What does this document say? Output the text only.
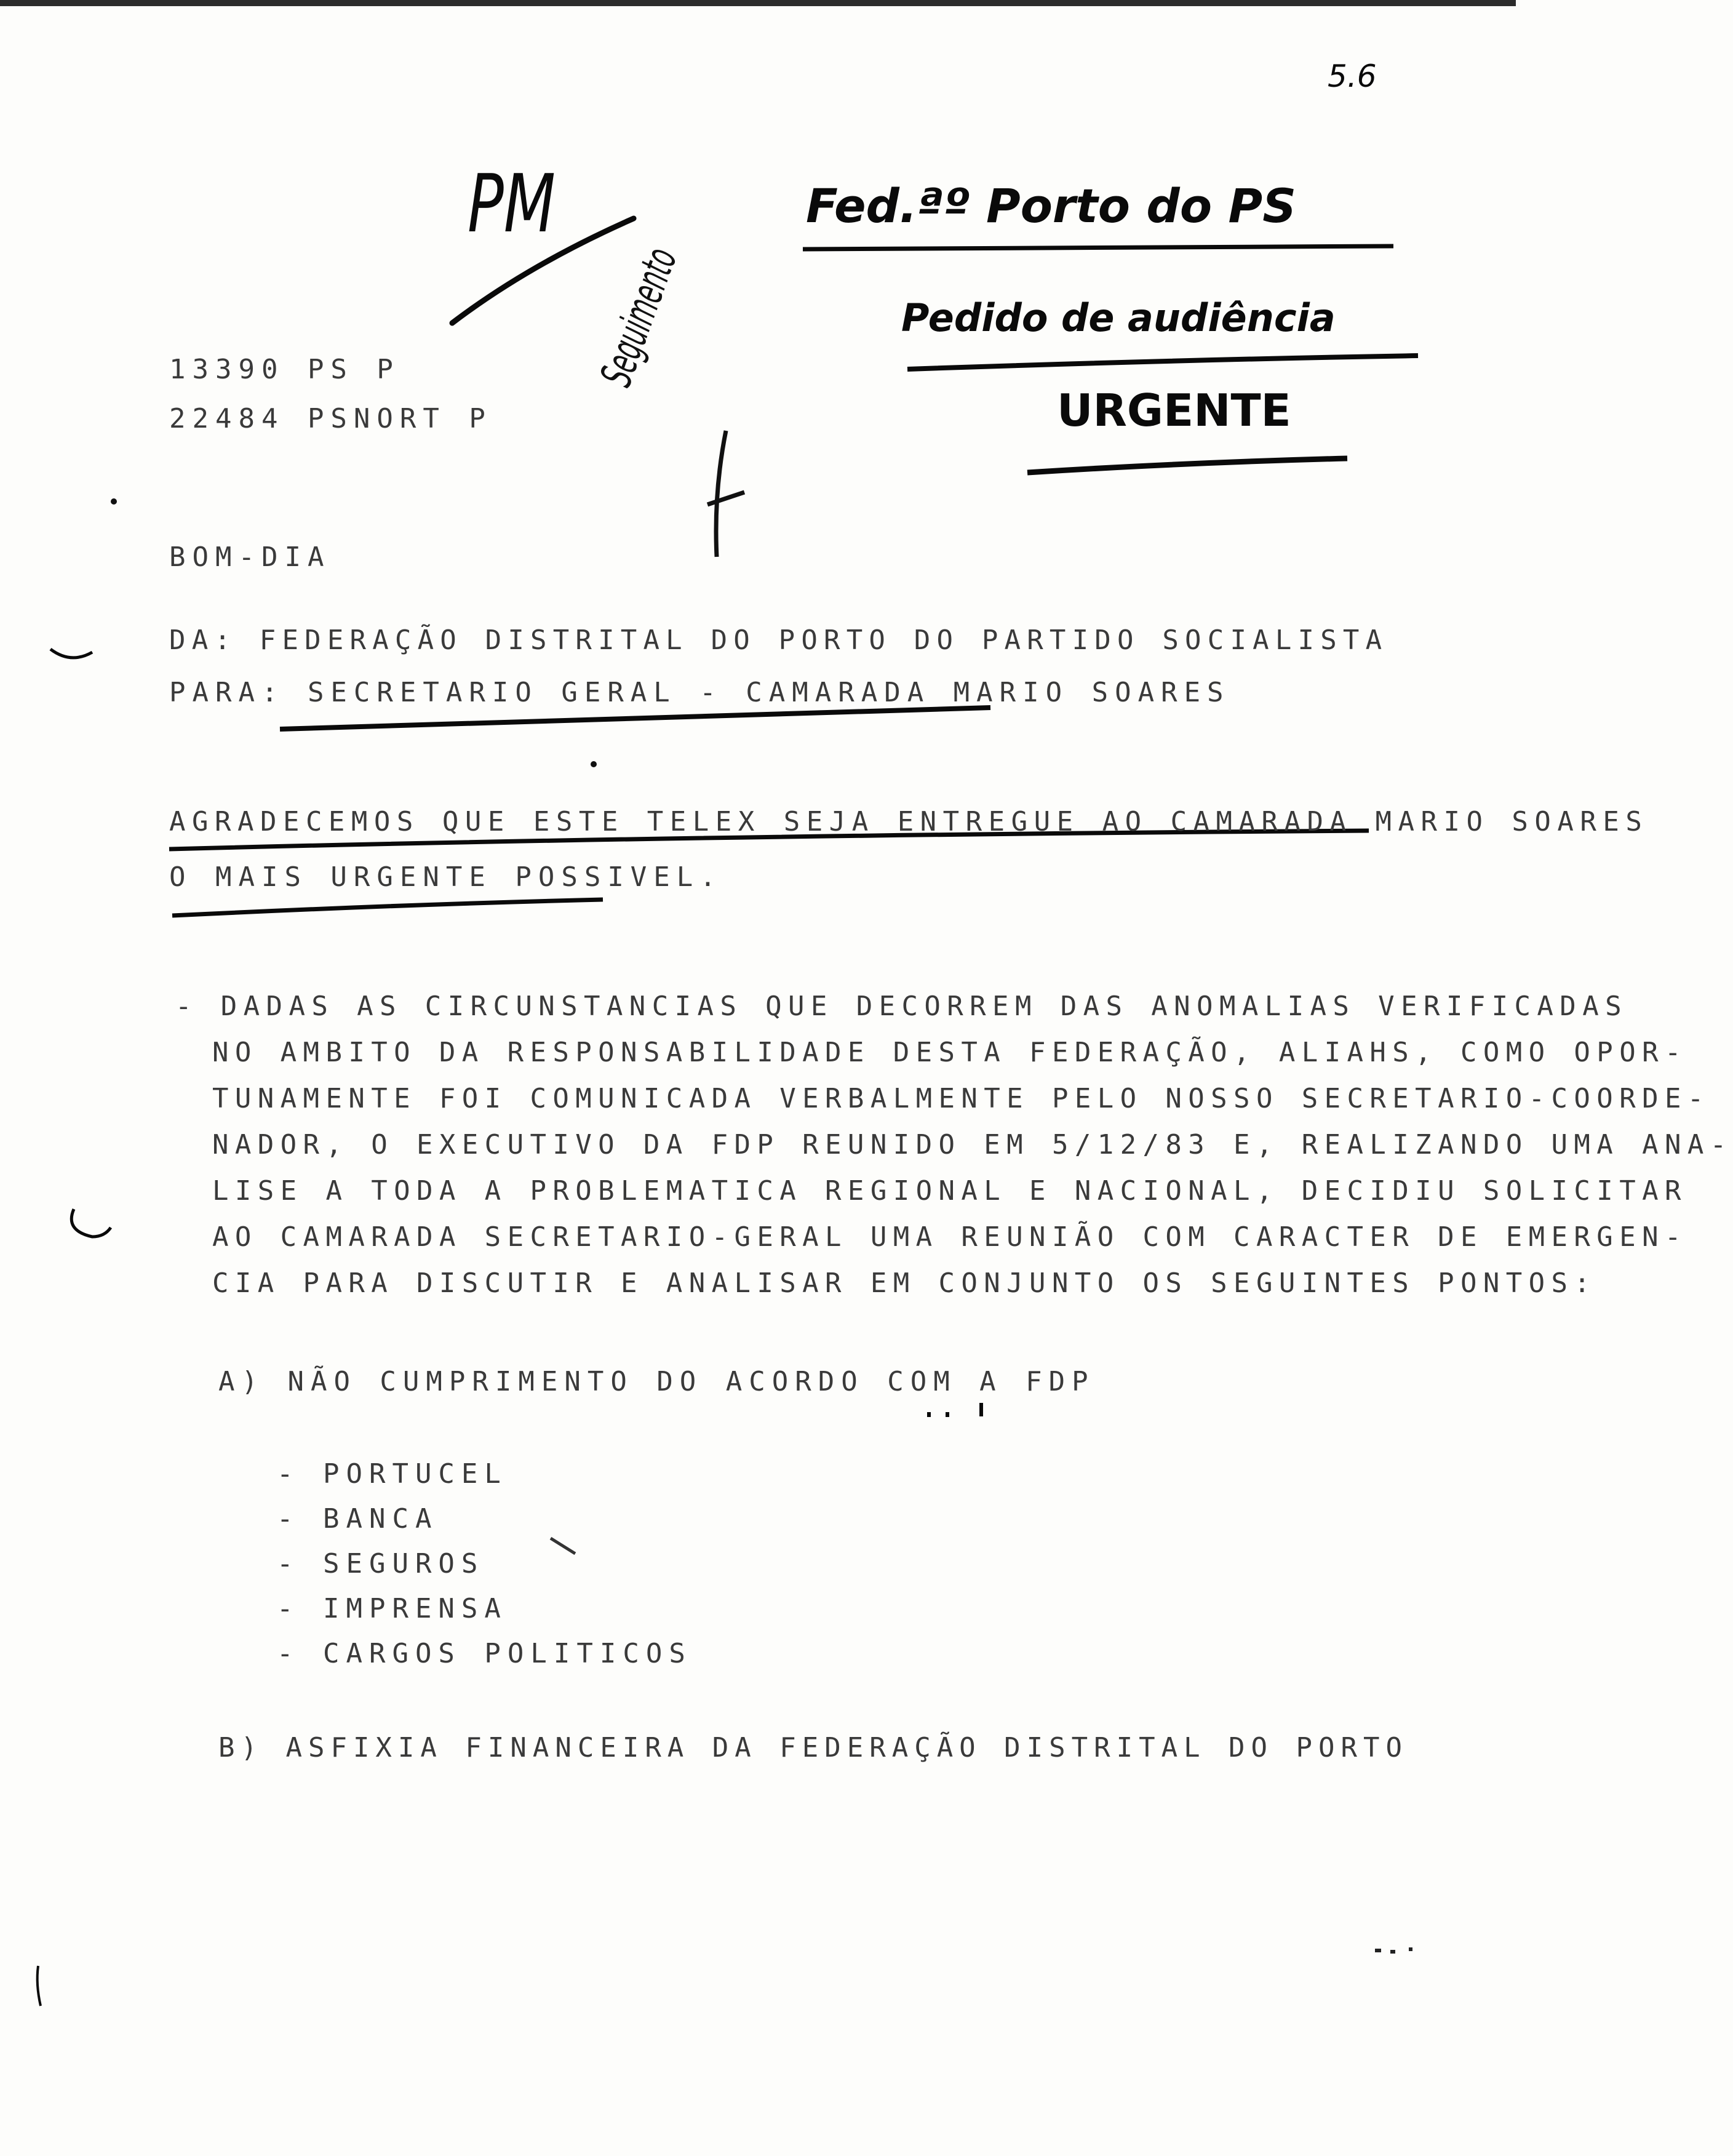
5.6
PM	Fed.ªº Porto do PS
Pedido de audiência
URGENTE
Seguimento
13390 PS P
22484 PSNORT P
BOM-DIA
DA: FEDERAÇÃO DISTRITAL DO PORTO DO PARTIDO SOCIALISTA
PARA: SECRETARIO GERAL - CAMARADA MARIO SOARES
AGRADECEMOS QUE ESTE TELEX SEJA ENTREGUE AO CAMARADA MARIO SOARES
O MAIS URGENTE POSSIVEL.
- DADAS AS CIRCUNSTANCIAS QUE DECORREM DAS ANOMALIAS VERIFICADAS
NO AMBITO DA RESPONSABILIDADE DESTA FEDERAÇÃO, ALIAHS, COMO OPOR-
TUNAMENTE FOI COMUNICADA VERBALMENTE PELO NOSSO SECRETARIO-COORDE-
NADOR, O EXECUTIVO DA FDP REUNIDO EM 5/12/83 E, REALIZANDO UMA ANA-
LISE A TODA A PROBLEMATICA REGIONAL E NACIONAL, DECIDIU SOLICITAR
AO CAMARADA SECRETARIO-GERAL UMA REUNIÃO COM CARACTER DE EMERGEN-
CIA PARA DISCUTIR E ANALISAR EM CONJUNTO OS SEGUINTES PONTOS:
A) NÃO CUMPRIMENTO DO ACORDO COM A FDP
- PORTUCEL
- BANCA
- SEGUROS
- IMPRENSA
- CARGOS POLITICOS
B) ASFIXIA FINANCEIRA DA FEDERAÇÃO DISTRITAL DO PORTO
